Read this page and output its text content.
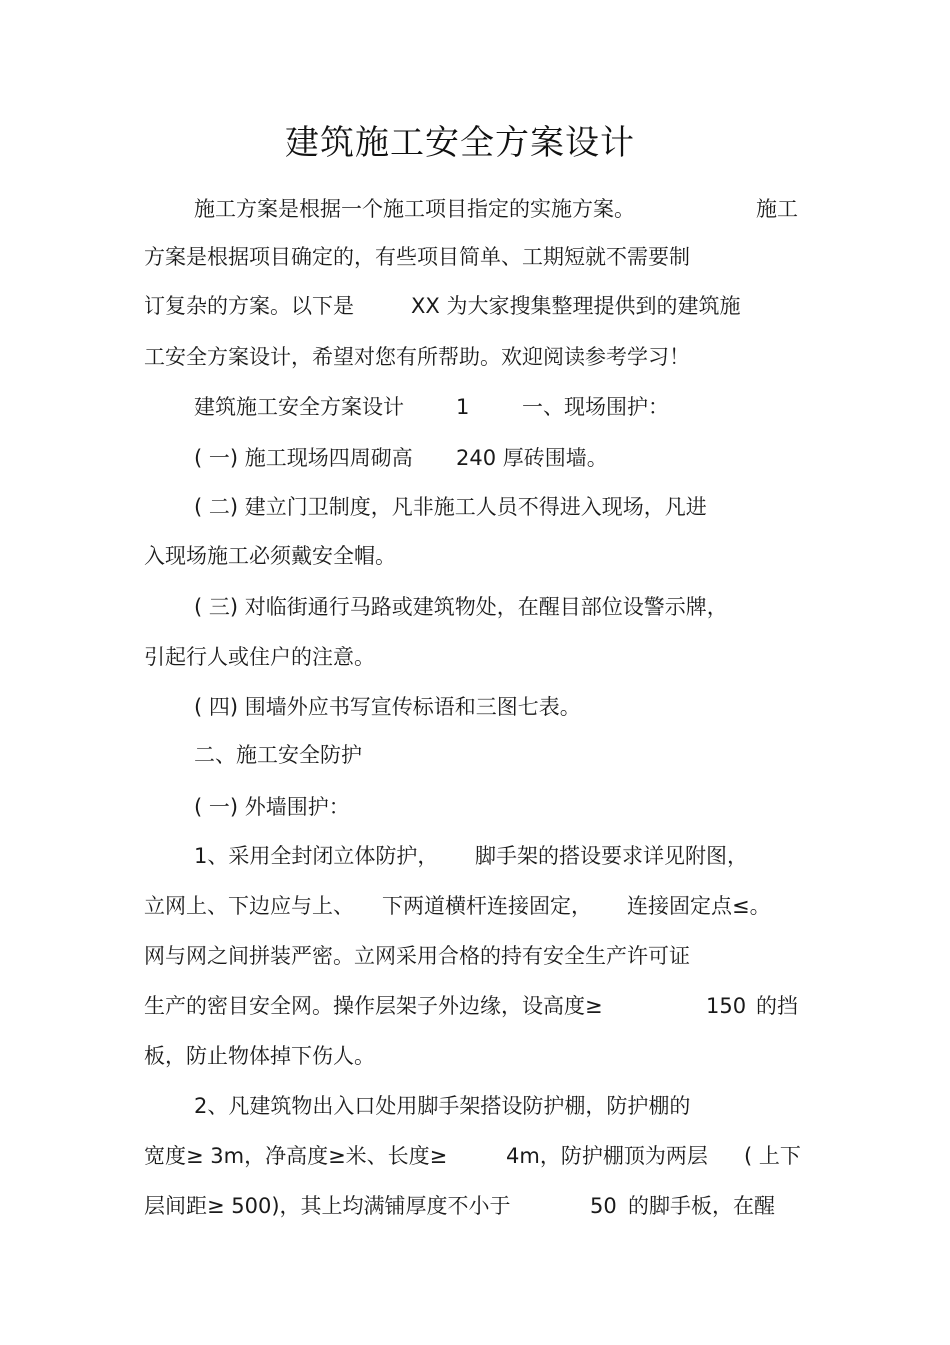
建筑施工安全方案设计
施工方案是根据一个施工项目指定的实施方案。	施工
方案是根据项目确定的，有些项目简单、工期短就不需要制
订复杂的方案。以下是	XX 为大家搜集整理提供到的建筑施
工安全方案设计，希望对您有所帮助。欢迎阅读参考学习！
建筑施工安全方案设计 1	一、现场围护：
( 一) 施工现场四周砌高 240 厚砖围墙。
( 二) 建立门卫制度，凡非施工人员不得进入现场，凡进
入现场施工必须戴安全帽。
( 三) 对临街通行马路或建筑物处，在醒目部位设警示牌，
引起行人或住户的注意。
( 四) 围墙外应书写宣传标语和三图七表。
二、施工安全防护
( 一) 外墙围护：
1、采用全封闭立体防护， 脚手架的搭设要求详见附图，
立网上、下边应与上、 下两道横杆连接固定， 连接固定点≤。
网与网之间拼装严密。立网采用合格的持有安全生产许可证
生产的密目安全网。操作层架子外边缘，设高度≥	150 的挡
板，防止物体掉下伤人。
2、凡建筑物出入口处用脚手架搭设防护棚，防护棚的
宽度≥ 3m，净高度≥米、长度≥	4m，防护棚顶为两层 ( 上下
层间距≥ 500)，其上均满铺厚度不小于	50 的脚手板，在醒
